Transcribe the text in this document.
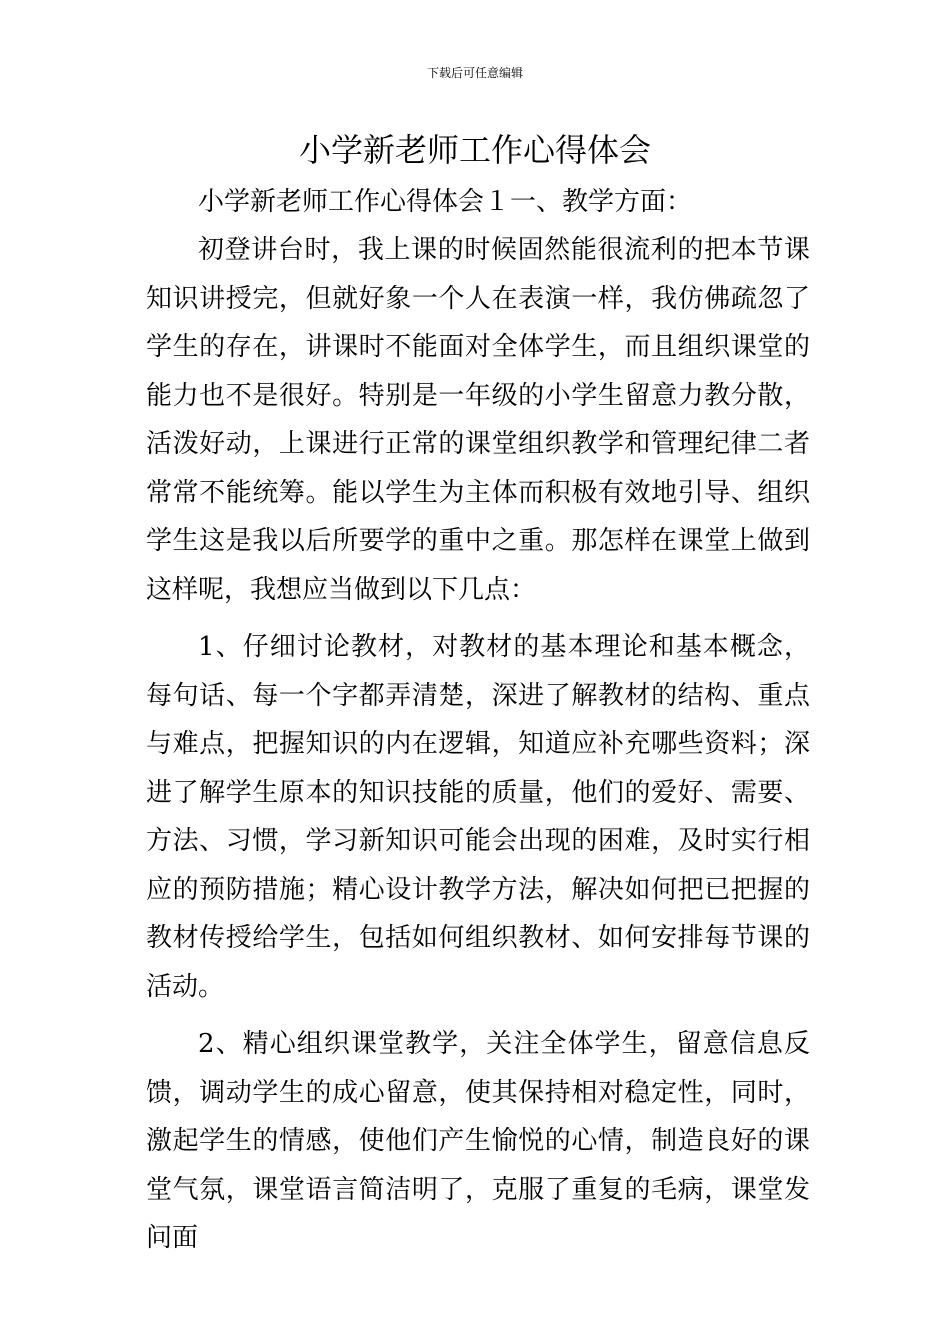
下载后可任意编辑
小学新老师工作心得体会
小学新老师工作心得体会１一、教学方面：

初登讲台时，我上课的时候固然能很流利的把本节课知识讲授完，但就好象一个人在表演一样，我仿佛疏忽了学生的存在，讲课时不能面对全体学生，而且组织课堂的能力也不是很好。特别是一年级的小学生留意力教分散，活泼好动，上课进行正常的课堂组织教学和管理纪律二者常常不能统筹。能以学生为主体而积极有效地引导、组织学生这是我以后所要学的重中之重。那怎样在课堂上做到这样呢，我想应当做到以下几点：

1、仔细讨论教材，对教材的基本理论和基本概念，每句话、每一个字都弄清楚，深进了解教材的结构、重点与难点，把握知识的内在逻辑，知道应补充哪些资料；深进了解学生原本的知识技能的质量，他们的爱好、需要、方法、习惯，学习新知识可能会出现的困难，及时实行相应的预防措施；精心设计教学方法，解决如何把已把握的教材传授给学生，包括如何组织教材、如何安排每节课的活动。

2、精心组织课堂教学，关注全体学生，留意信息反馈，调动学生的成心留意，使其保持相对稳定性，同时，激起学生的情感，使他们产生愉悦的心情，制造良好的课堂气氛，课堂语言简洁明了，克服了重复的毛病，课堂发问面
